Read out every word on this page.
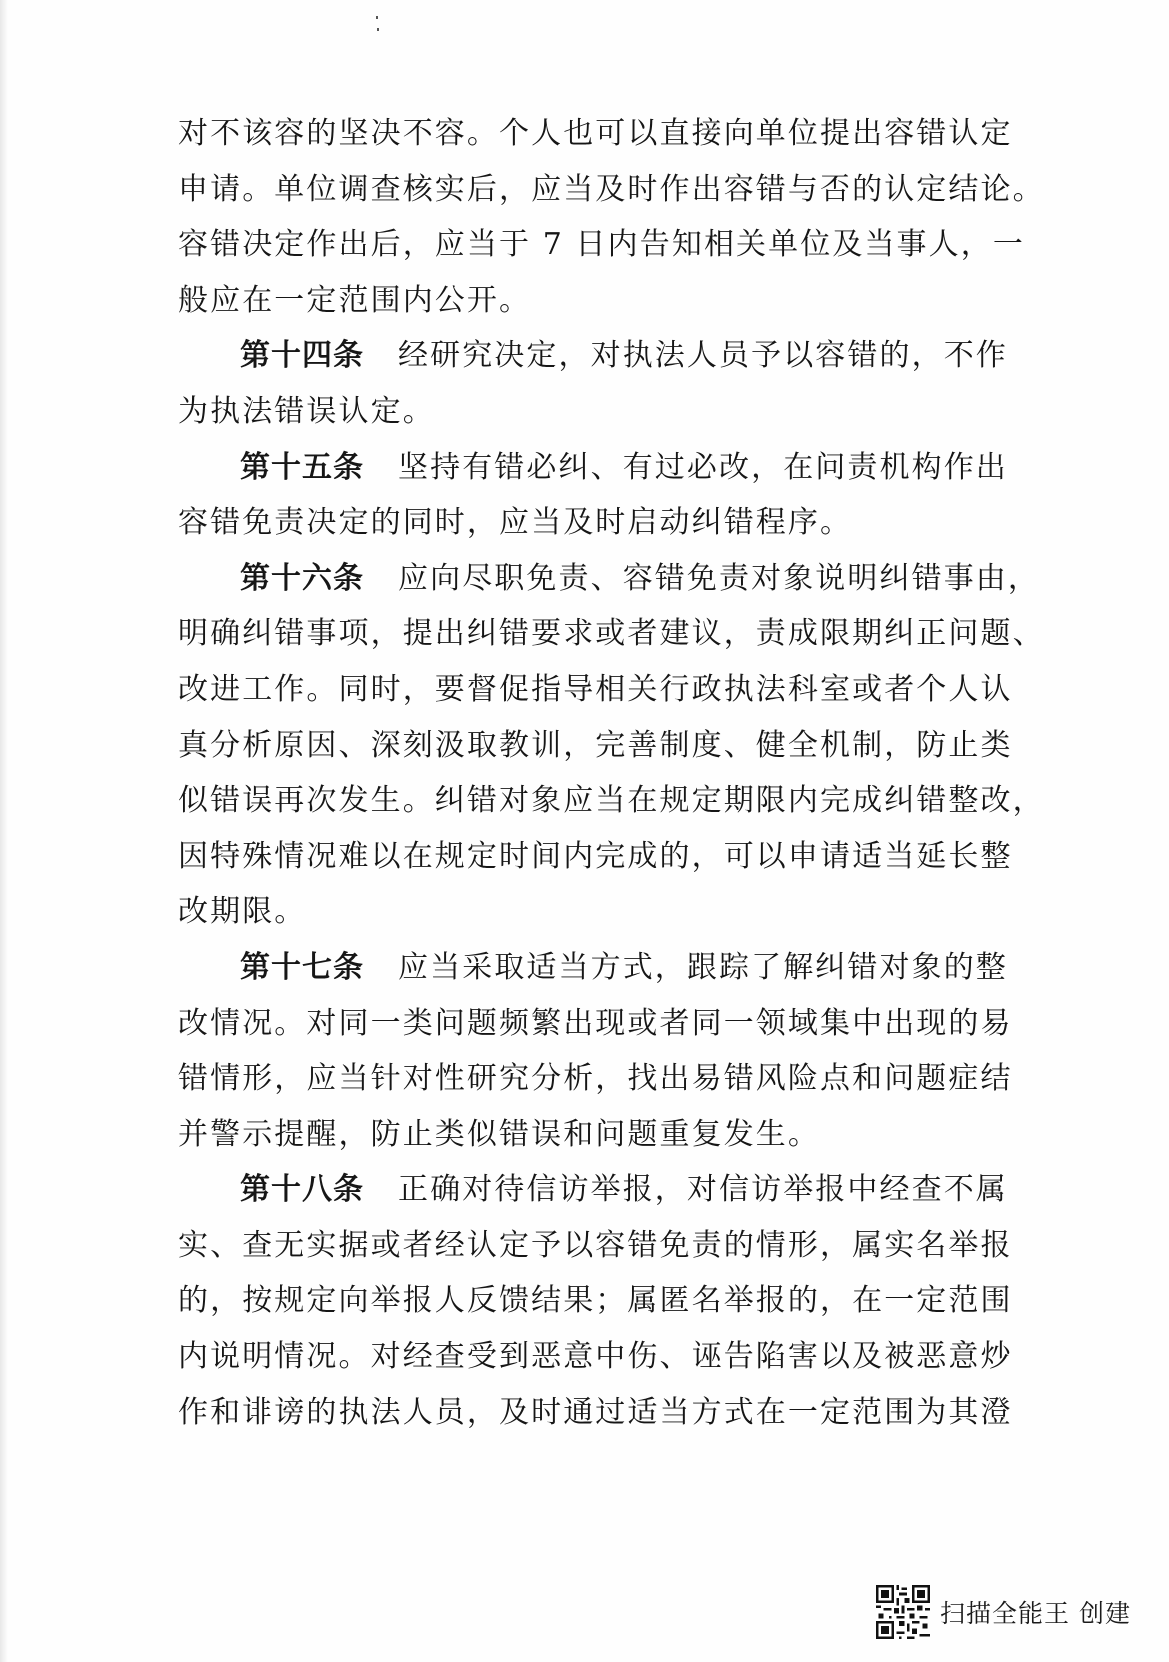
对不该容的坚决不容。个人也可以直接向单位提出容错认定
申请。单位调查核实后，应当及时作出容错与否的认定结论。
容错决定作出后，应当于 7 日内告知相关单位及当事人，一
般应在一定范围内公开。
第十四条 经研究决定，对执法人员予以容错的，不作
为执法错误认定。
第十五条 坚持有错必纠、有过必改，在问责机构作出
容错免责决定的同时，应当及时启动纠错程序。
第十六条 应向尽职免责、容错免责对象说明纠错事由，
明确纠错事项，提出纠错要求或者建议，责成限期纠正问题、
改进工作。同时，要督促指导相关行政执法科室或者个人认
真分析原因、深刻汲取教训，完善制度、健全机制，防止类
似错误再次发生。纠错对象应当在规定期限内完成纠错整改，
因特殊情况难以在规定时间内完成的，可以申请适当延长整
改期限。
第十七条 应当采取适当方式，跟踪了解纠错对象的整
改情况。对同一类问题频繁出现或者同一领域集中出现的易
错情形，应当针对性研究分析，找出易错风险点和问题症结
并警示提醒，防止类似错误和问题重复发生。
第十八条 正确对待信访举报，对信访举报中经查不属
实、查无实据或者经认定予以容错免责的情形，属实名举报
的，按规定向举报人反馈结果；属匿名举报的，在一定范围
内说明情况。对经查受到恶意中伤、诬告陷害以及被恶意炒
作和诽谤的执法人员，及时通过适当方式在一定范围为其澄
扫描全能王 创建
